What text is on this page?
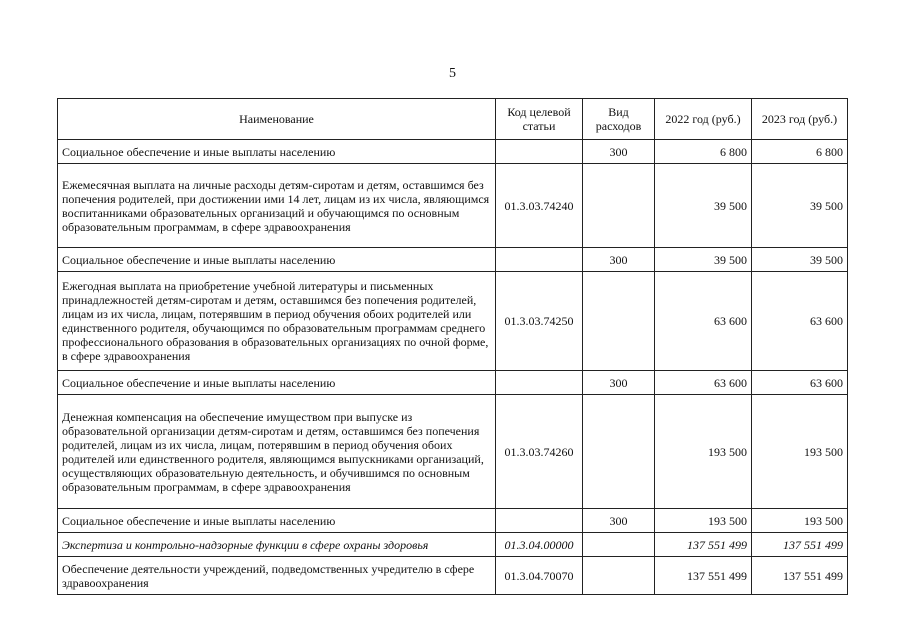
5
Наименование	Код целевой статьи	Вид расходов	2022 год (руб.)	2023 год (руб.)
Социальное обеспечение и иные выплаты населению		300	6 800	6 800
Ежемесячная выплата на личные расходы детям-сиротам и детям, оставшимся без попечения родителей, при достижении ими 14 лет, лицам из их числа, являющимся воспитанниками образовательных организаций и обучающимся по основным образовательным программам, в сфере здравоохранения	01.3.03.74240		39 500	39 500
Социальное обеспечение и иные выплаты населению		300	39 500	39 500
Ежегодная выплата на приобретение учебной литературы и письменных принадлежностей детям-сиротам и детям, оставшимся без попечения родителей, лицам из их числа, лицам, потерявшим в период обучения обоих родителей или единственного родителя, обучающимся по образовательным программам среднего профессионального образования в образовательных организациях по очной форме, в сфере здравоохранения	01.3.03.74250		63 600	63 600
Социальное обеспечение и иные выплаты населению		300	63 600	63 600
Денежная компенсация на обеспечение имуществом при выпуске из образовательной организации детям-сиротам и детям, оставшимся без попечения родителей, лицам из их числа, лицам, потерявшим в период обучения обоих родителей или единственного родителя, являющимся выпускниками организаций, осуществляющих образовательную деятельность, и обучившимся по основным образовательным программам, в сфере здравоохранения	01.3.03.74260		193 500	193 500
Социальное обеспечение и иные выплаты населению		300	193 500	193 500
Экспертиза и контрольно-надзорные функции в сфере охраны здоровья	01.3.04.00000		137 551 499	137 551 499
Обеспечение деятельности учреждений, подведомственных учредителю в сфере здравоохранения	01.3.04.70070		137 551 499	137 551 499
